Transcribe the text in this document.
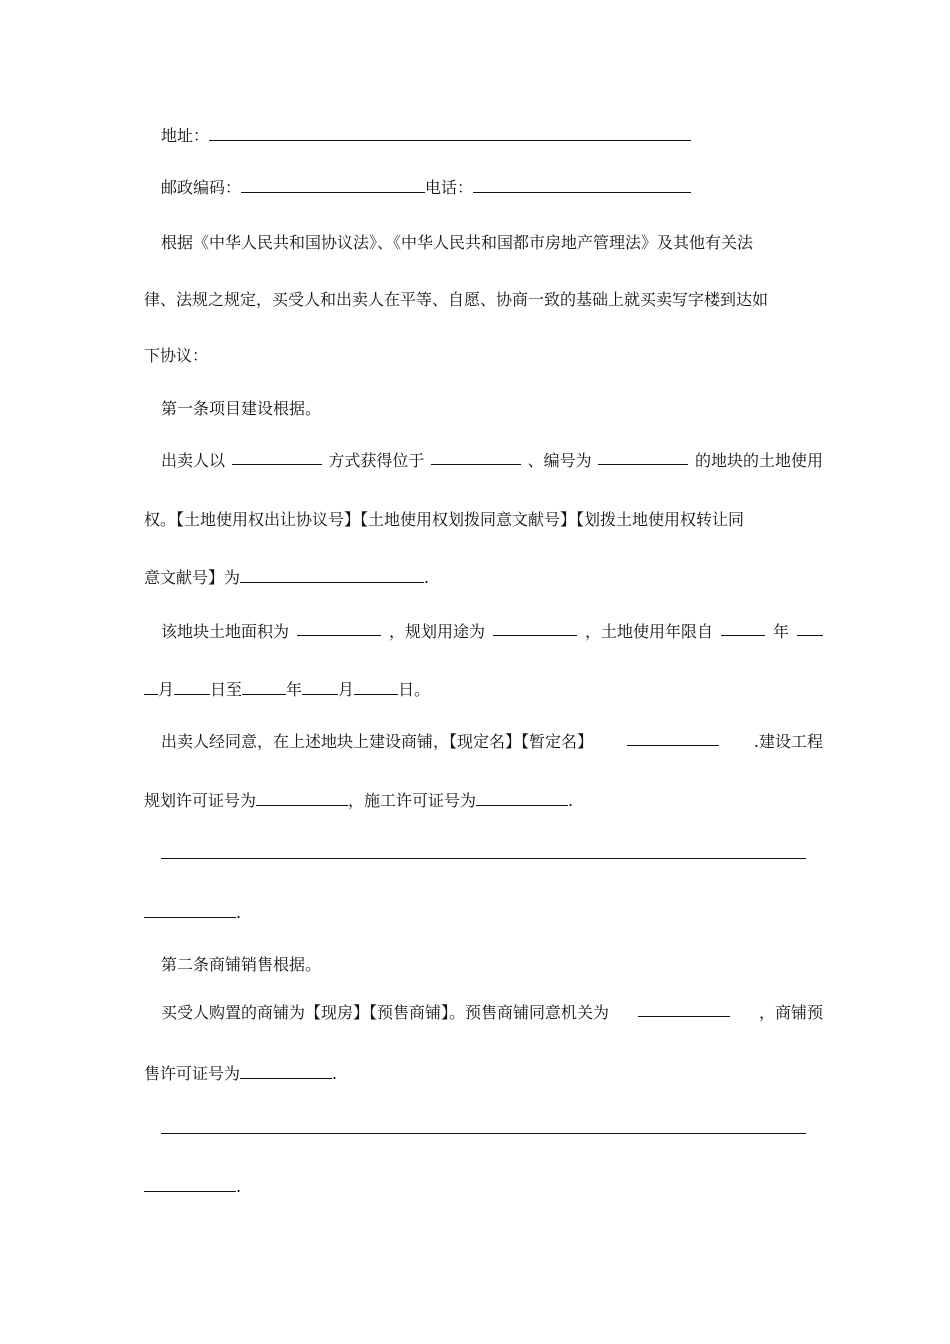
地址：
邮政编码：	电话：
根据《中华人民共和国协议法》、《中华人民共和国都市房地产管理法》及其他有关法
律、法规之规定，买受人和出卖人在平等、自愿、协商一致的基础上就买卖写字楼到达如
下协议：
第一条项目建设根据。
出卖人以	方式获得位于	、编号为	的地块的土地使用
权。【土地使用权出让协议号】【土地使用权划拨同意文献号】【划拨土地使用权转让同
意文献号】为	.
该地块土地面积为	，规划用途为	，土地使用年限自	年
月 日至	年 月	日。
出卖人经同意，在上述地块上建设商铺，【现定名】【暂定名】	.建设工程
规划许可证号为	，施工许可证号为	.
.
第二条商铺销售根据。
买受人购置的商铺为【现房】【预售商铺】。预售商铺同意机关为	，商铺预
售许可证号为	.
.
